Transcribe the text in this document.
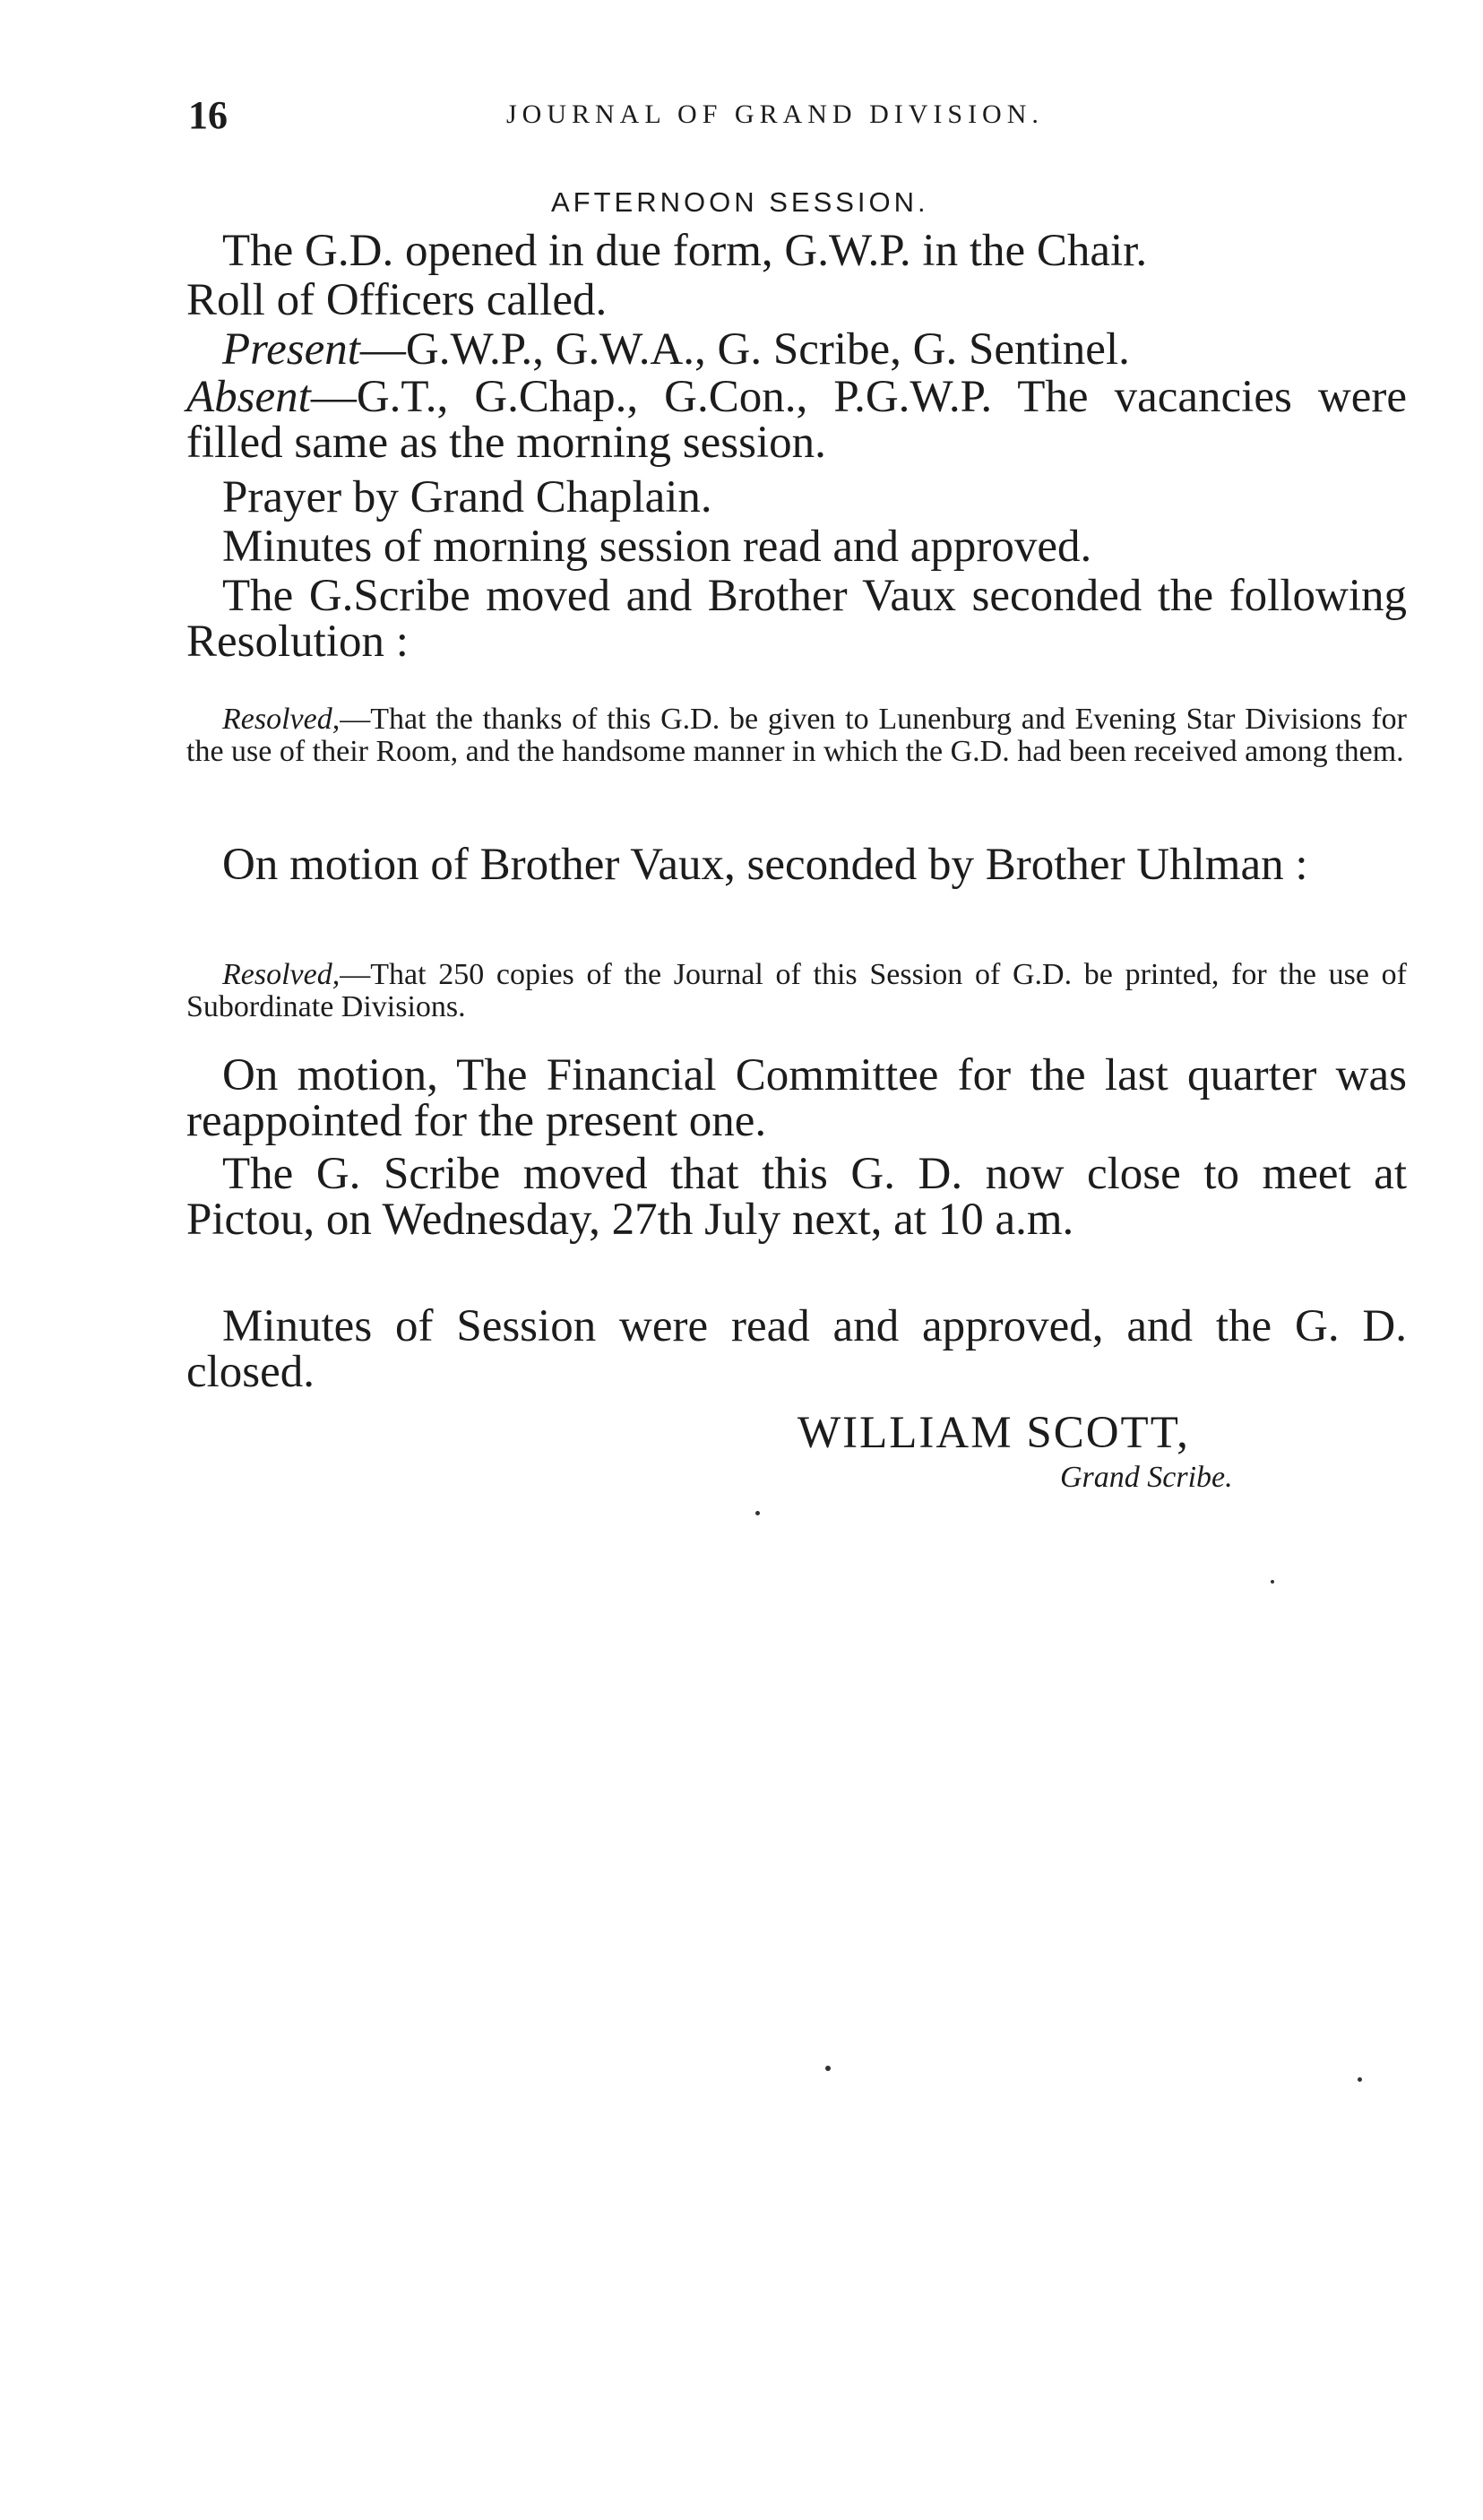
16	JOURNAL OF GRAND DIVISION.
AFTERNOON SESSION.

The G.D. opened in due form, G.W.P. in the Chair.

Roll of Officers called.

Present—G.W.P., G.W.A., G. Scribe, G. Sentinel.

Absent—G.T., G.Chap., G.Con., P.G.W.P. The vacancies were filled same as the morning session.

Prayer by Grand Chaplain.

Minutes of morning session read and approved.

The G.Scribe moved and Brother Vaux seconded the following Resolution :

Resolved,—That the thanks of this G.D. be given to Lunenburg and Evening Star Divisions for the use of their Room, and the handsome manner in which the G.D. had been received among them.

On motion of Brother Vaux, seconded by Brother Uhlman :

Resolved,—That 250 copies of the Journal of this Session of G.D. be printed, for the use of Subordinate Divisions.

On motion, The Financial Committee for the last quarter was reappointed for the present one.

The G. Scribe moved that this G. D. now close to meet at Pictou, on Wednesday, 27th July next, at 10 a.m.

Minutes of Session were read and approved, and the G. D. closed.

WILLIAM SCOTT,
Grand Scribe.
